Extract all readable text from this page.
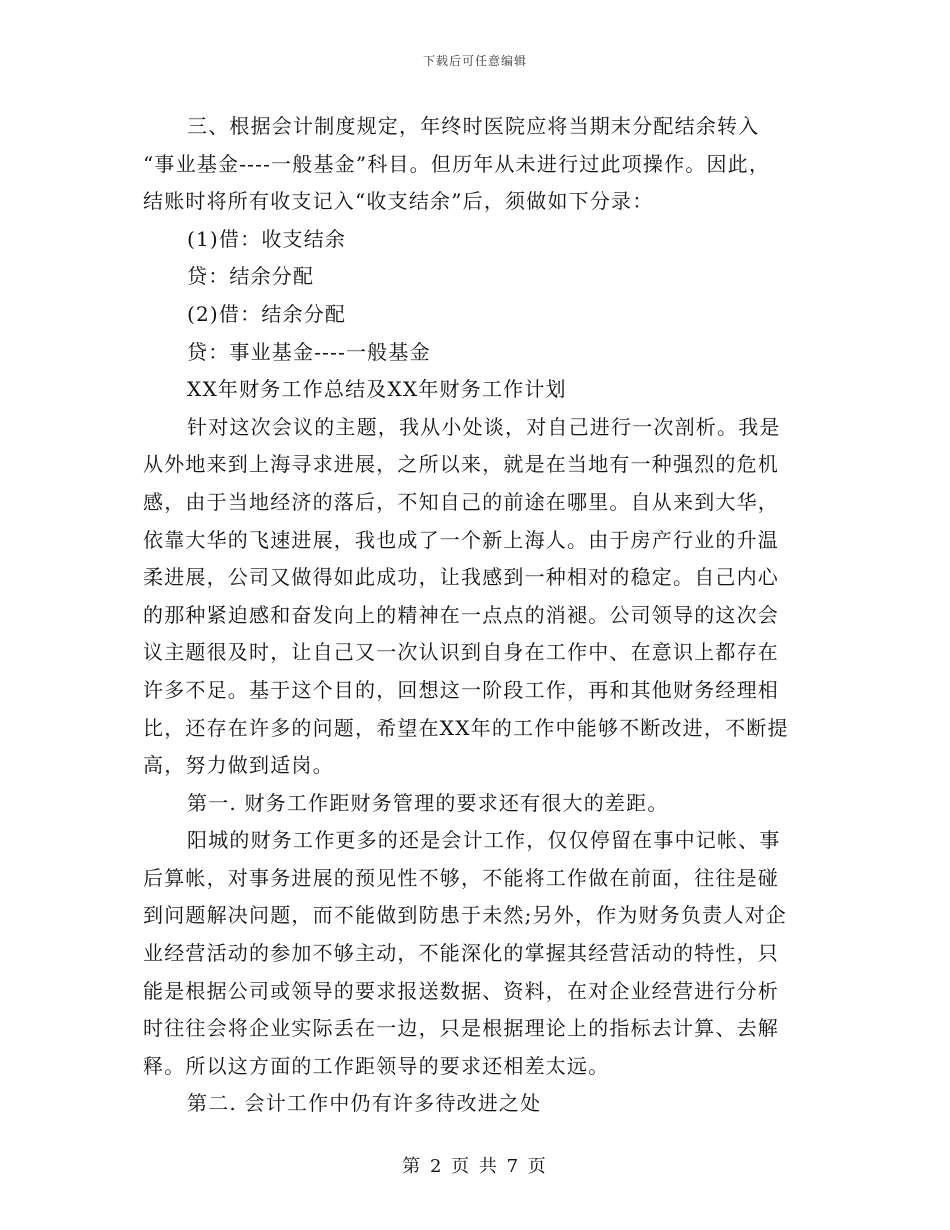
下载后可任意编辑
三、根据会计制度规定，年终时医院应将当期末分配结余转入
“事业基金----一般基金”科目。但历年从未进行过此项操作。因此，
结账时将所有收支记入“收支结余”后，须做如下分录：
(1)借：收支结余
贷：结余分配
(2)借：结余分配
贷：事业基金----一般基金
XX年财务工作总结及XX年财务工作计划
针对这次会议的主题，我从小处谈，对自己进行一次剖析。我是
从外地来到上海寻求进展，之所以来，就是在当地有一种强烈的危机
感，由于当地经济的落后，不知自己的前途在哪里。自从来到大华，
依靠大华的飞速进展，我也成了一个新上海人。由于房产行业的升温
柔进展，公司又做得如此成功，让我感到一种相对的稳定。自己内心
的那种紧迫感和奋发向上的精神在一点点的消褪。公司领导的这次会
议主题很及时，让自己又一次认识到自身在工作中、在意识上都存在
许多不足。基于这个目的，回想这一阶段工作，再和其他财务经理相
比，还存在许多的问题，希望在XX年的工作中能够不断改进，不断提
高，努力做到适岗。
第一. 财务工作距财务管理的要求还有很大的差距。
阳城的财务工作更多的还是会计工作，仅仅停留在事中记帐、事
后算帐，对事务进展的预见性不够，不能将工作做在前面，往往是碰
到问题解决问题，而不能做到防患于未然;另外，作为财务负责人对企
业经营活动的参加不够主动，不能深化的掌握其经营活动的特性，只
能是根据公司或领导的要求报送数据、资料，在对企业经营进行分析
时往往会将企业实际丢在一边，只是根据理论上的指标去计算、去解
释。所以这方面的工作距领导的要求还相差太远。
第二. 会计工作中仍有许多待改进之处
第 2 页 共 7 页
